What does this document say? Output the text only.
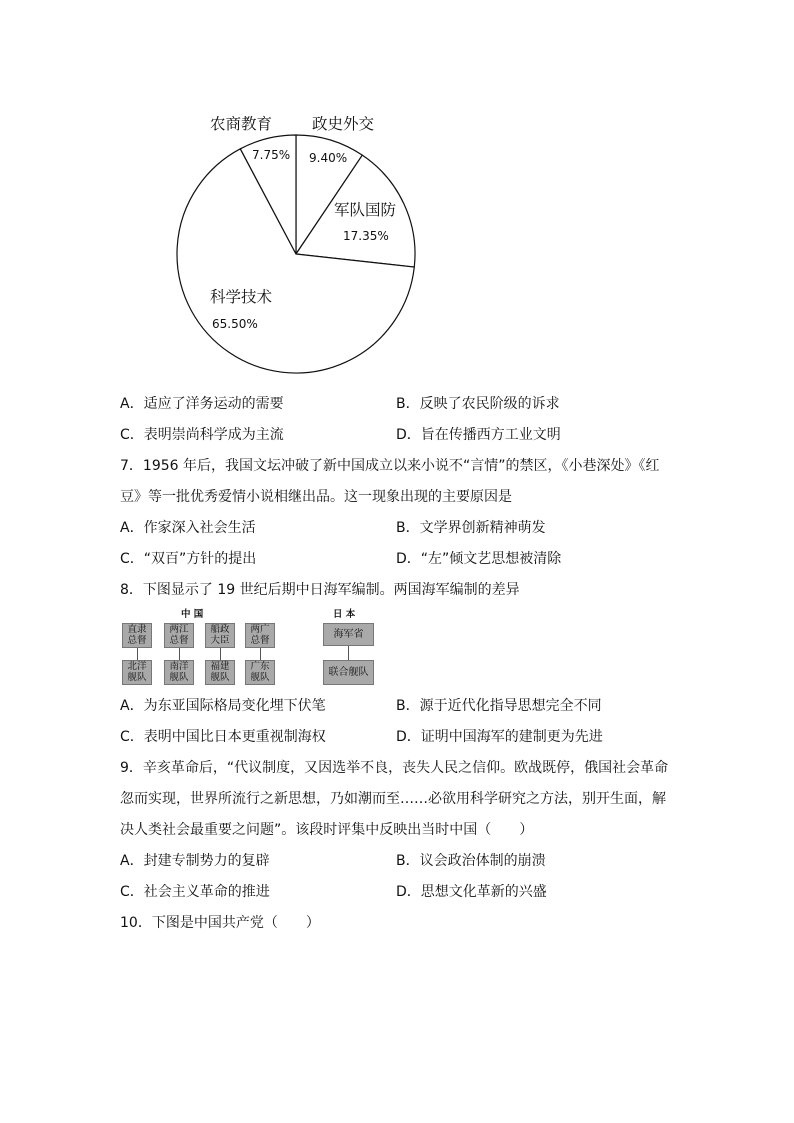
政史外交
9.40%
军队国防
17.35%
科学技术
65.50%
农商教育
7.75%
A．适应了洋务运动的需要	B．反映了农民阶级的诉求
C．表明崇尚科学成为主流	D．旨在传播西方工业文明
7．1956 年后，我国文坛冲破了新中国成立以来小说不“言情”的禁区，《小巷深处》《红
豆》等一批优秀爱情小说相继出品。这一现象出现的主要原因是
A．作家深入社会生活	B．文学界创新精神萌发
C．“双百”方针的提出	D．“左”倾文艺思想被清除
8．下图显示了 19 世纪后期中日海军编制。两国海军编制的差异
中 国	日 本
直隶
总督
两江
总督
船政
大臣
两广
总督
北洋
舰队
南洋
舰队
福建
舰队
广东
舰队
海军省
联合舰队
A．为东亚国际格局变化埋下伏笔	B．源于近代化指导思想完全不同
C．表明中国比日本更重视制海权	D．证明中国海军的建制更为先进
9．辛亥革命后，“代议制度，又因选举不良，丧失人民之信仰。欧战既停，俄国社会革命
忽而实现，世界所流行之新思想，乃如潮而至……必欲用科学研究之方法，别开生面，解
决人类社会最重要之问题”。该段时评集中反映出当时中国（　　）
A．封建专制势力的复辟	B．议会政治体制的崩溃
C．社会主义革命的推进	D．思想文化革新的兴盛
10．下图是中国共产党（　　）
